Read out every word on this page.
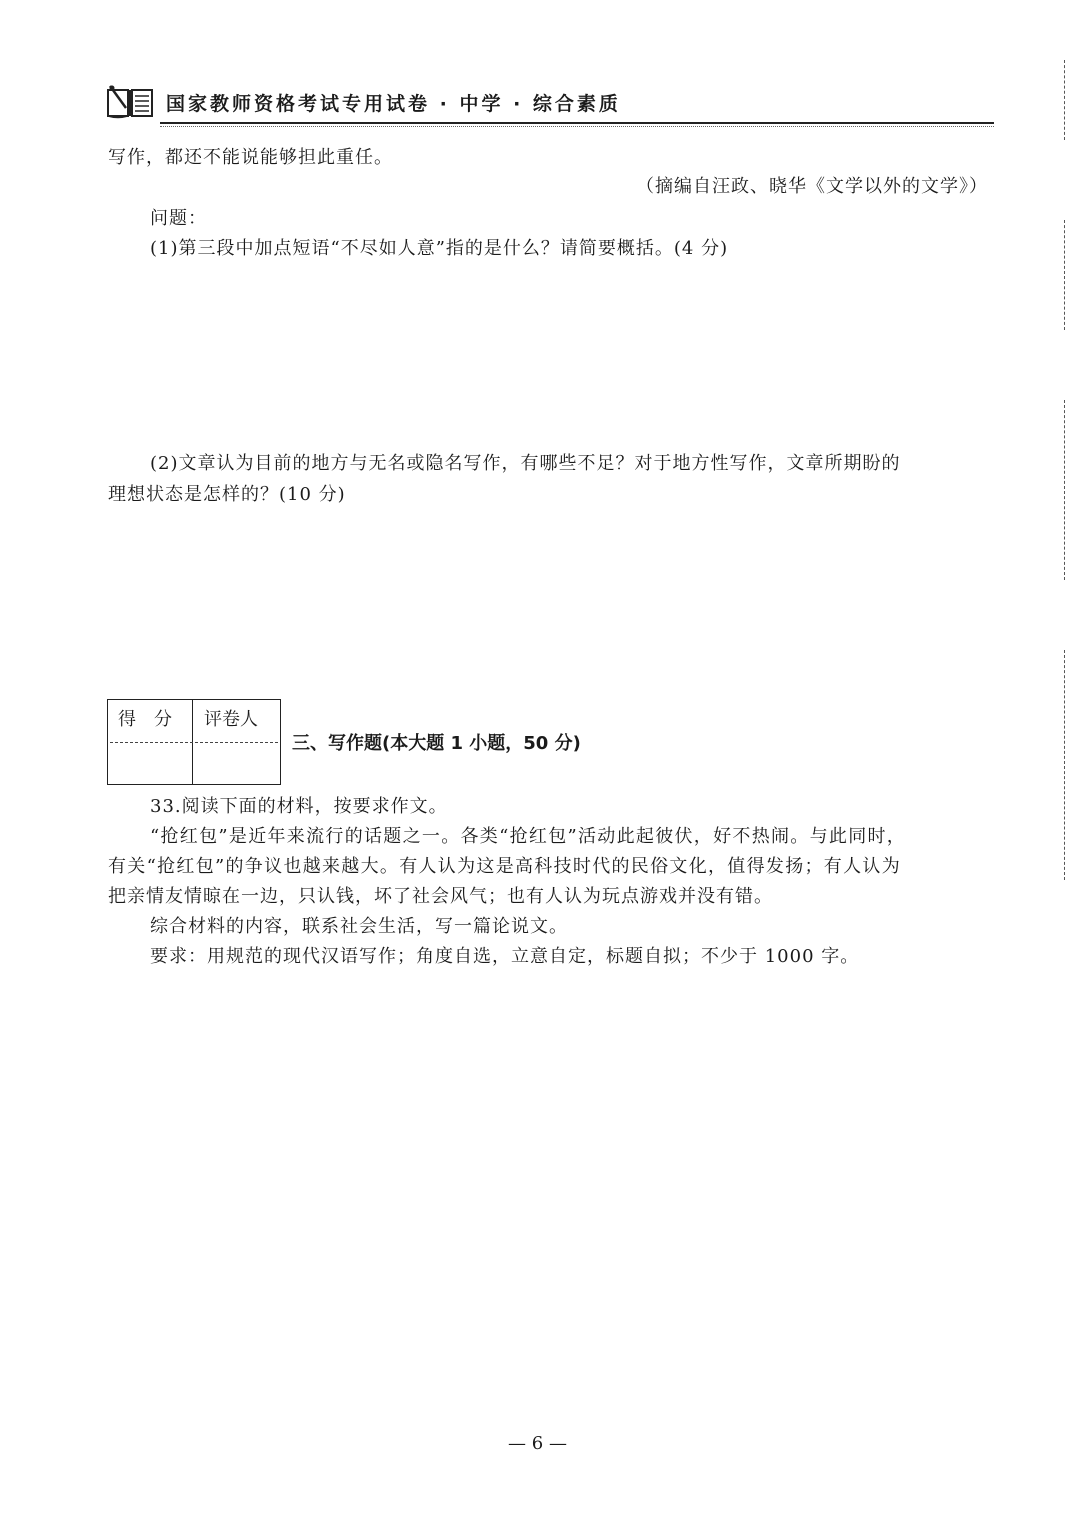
国家教师资格考试专用试卷 · 中学 · 综合素质
写作，都还不能说能够担此重任。
（摘编自汪政、晓华《文学以外的文学》）
问题：
(1)第三段中加点短语“不尽如人意”指的是什么？请简要概括。(4 分)
(2)文章认为目前的地方与无名或隐名写作，有哪些不足？对于地方性写作，文章所期盼的
理想状态是怎样的？(10 分)
得　分 评卷人
三、写作题(本大题 1 小题，50 分)
33.阅读下面的材料，按要求作文。
“抢红包”是近年来流行的话题之一。各类“抢红包”活动此起彼伏，好不热闹。与此同时，
有关“抢红包”的争议也越来越大。有人认为这是高科技时代的民俗文化，值得发扬；有人认为
把亲情友情晾在一边，只认钱，坏了社会风气；也有人认为玩点游戏并没有错。
综合材料的内容，联系社会生活，写一篇论说文。
要求：用规范的现代汉语写作；角度自选，立意自定，标题自拟；不少于 1000 字。
— 6 —
